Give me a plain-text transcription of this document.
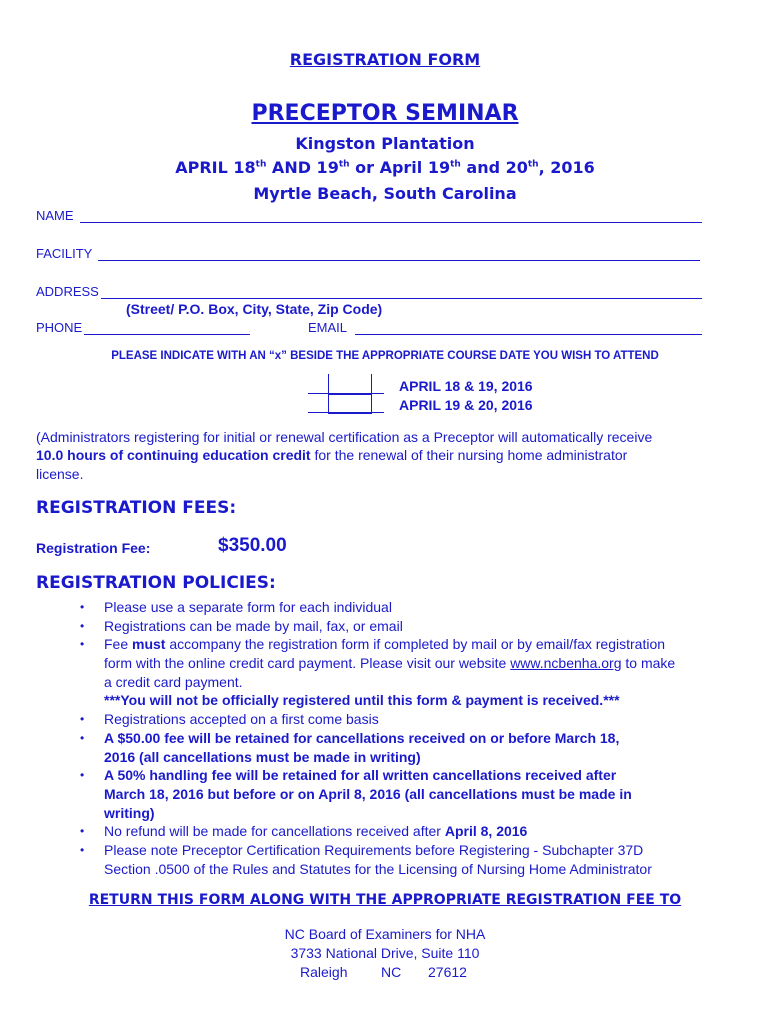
REGISTRATION FORM
PRECEPTOR SEMINAR
Kingston Plantation
APRIL 18th AND 19th or April 19th and 20th, 2016
Myrtle Beach, South Carolina
NAME
FACILITY
ADDRESS
(Street/ P.O. Box, City, State, Zip Code)
PHONE	EMAIL
PLEASE INDICATE WITH AN “x” BESIDE THE APPROPRIATE COURSE DATE YOU WISH TO ATTEND
APRIL 18 & 19, 2016
APRIL 19 & 20, 2016
(Administrators registering for initial or renewal certification as a Preceptor will automatically receive
10.0 hours of continuing education credit for the renewal of their nursing home administrator
license.
REGISTRATION FEES:
Registration Fee:	$350.00
REGISTRATION POLICIES:
• Please use a separate form for each individual
• Registrations can be made by mail, fax, or email
• Fee must accompany the registration form if completed by mail or by email/fax registration
form with the online credit card payment. Please visit our website www.ncbenha.org to make
a credit card payment.
***You will not be officially registered until this form & payment is received.***
• Registrations accepted on a first come basis
• A $50.00 fee will be retained for cancellations received on or before March 18,
2016 (all cancellations must be made in writing)
• A 50% handling fee will be retained for all written cancellations received after
March 18, 2016 but before or on April 8, 2016 (all cancellations must be made in
writing)
• No refund will be made for cancellations received after April 8, 2016
• Please note Preceptor Certification Requirements before Registering - Subchapter 37D
Section .0500 of the Rules and Statutes for the Licensing of Nursing Home Administrator
RETURN THIS FORM ALONG WITH THE APPROPRIATE REGISTRATION FEE TO
NC Board of Examiners for NHA
3733 National Drive, Suite 110
Raleigh NC 27612
